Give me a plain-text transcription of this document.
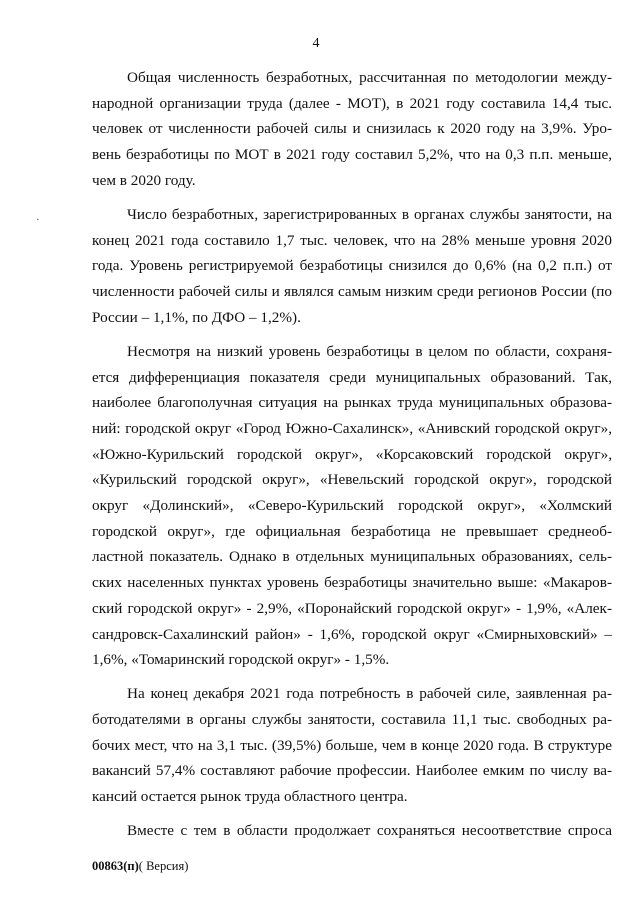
4
·

Общая численность безработных, рассчитанная по методологии международной организации труда (далее - МОТ), в 2021 году составила 14,4 тыс. человек от численности рабочей силы и снизилась к 2020 году на 3,9%. Уровень безработицы по МОТ в 2021 году составил 5,2%, что на 0,3 п.п. меньше, чем в 2020 году.

Число безработных, зарегистрированных в органах службы занятости, на конец 2021 года составило 1,7 тыс. человек, что на 28% меньше уровня 2020 года. Уровень регистрируемой безработицы снизился до 0,6% (на 0,2 п.п.) от численности рабочей силы и являлся самым низким среди регионов России (по России – 1,1%, по ДФО – 1,2%).

Несмотря на низкий уровень безработицы в целом по области, сохраняется дифференциация показателя среди муниципальных образований. Так, наиболее благополучная ситуация на рынках труда муниципальных образований: городской округ «Город Южно-Сахалинск», «Анивский городской округ», «Южно-Курильский городской округ», «Корсаковский городской округ», «Курильский городской округ», «Невельский городской округ», городской округ «Долинский», «Северо-Курильский городской округ», «Холмский городской округ», где официальная безработица не превышает среднеобластной показатель. Однако в отдельных муниципальных образованиях, сельских населенных пунктах уровень безработицы значительно выше: «Макаровский городской округ» - 2,9%, «Поронайский городской округ» - 1,9%, «Александровск-Сахалинский район» - 1,6%, городской округ «Смирныховский» – 1,6%, «Томаринский городской округ» - 1,5%.

На конец декабря 2021 года потребность в рабочей силе, заявленная работодателями в органы службы занятости, составила 11,1 тыс. свободных рабочих мест, что на 3,1 тыс. (39,5%) больше, чем в конце 2020 года. В структуре вакансий 57,4% составляют рабочие профессии. Наиболее емким по числу вакансий остается рынок труда областного центра.

Вместе с тем в области продолжает сохраняться несоответствие спроса

00863(п)( Версия)
